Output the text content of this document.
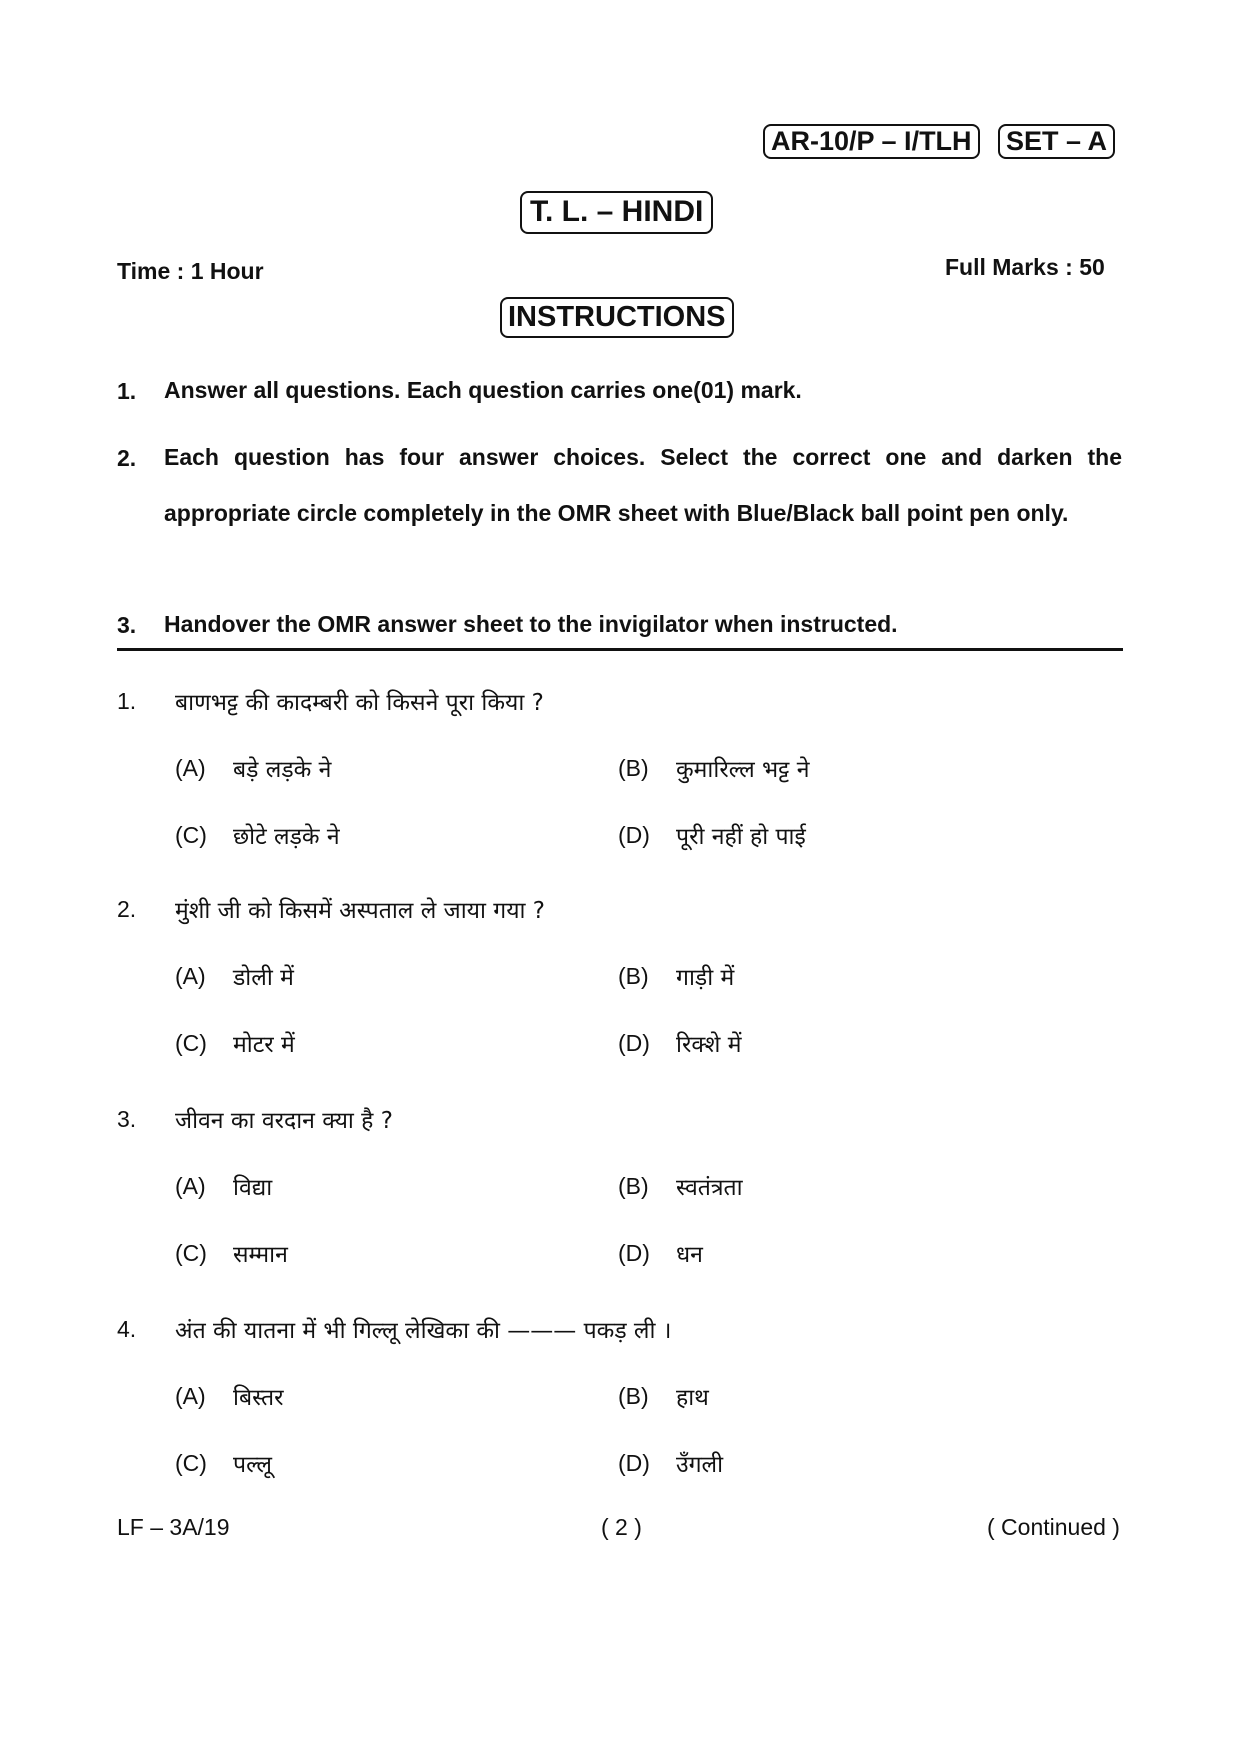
AR-10/P – I/TLH SET – A
T. L. – HINDI
Time : 1 Hour	Full Marks : 50
INSTRUCTIONS
1. Answer all questions. Each question carries one(01) mark.
2. Each question has four answer choices. Select the correct one and darken the appropriate circle completely in the OMR sheet with Blue/Black ball point pen only.
3. Handover the OMR answer sheet to the invigilator when instructed.
1. बाणभट्ट की कादम्बरी को किसने पूरा किया ?
(A) बड़े लड़के ने	(B) कुमारिल्ल भट्ट ने
(C) छोटे लड़के ने	(D) पूरी नहीं हो पाई
2. मुंशी जी को किसमें अस्पताल ले जाया गया ?
(A) डोली में	(B) गाड़ी में
(C) मोटर में	(D) रिक्शे में
3. जीवन का वरदान क्या है ?
(A) विद्या	(B) स्वतंत्रता
(C) सम्मान	(D) धन
4. अंत की यातना में भी गिल्लू लेखिका की ——— पकड़ ली ।
(A) बिस्तर	(B) हाथ
(C) पल्लू	(D) उँगली
LF – 3A/19	( 2 )	( Continued )
